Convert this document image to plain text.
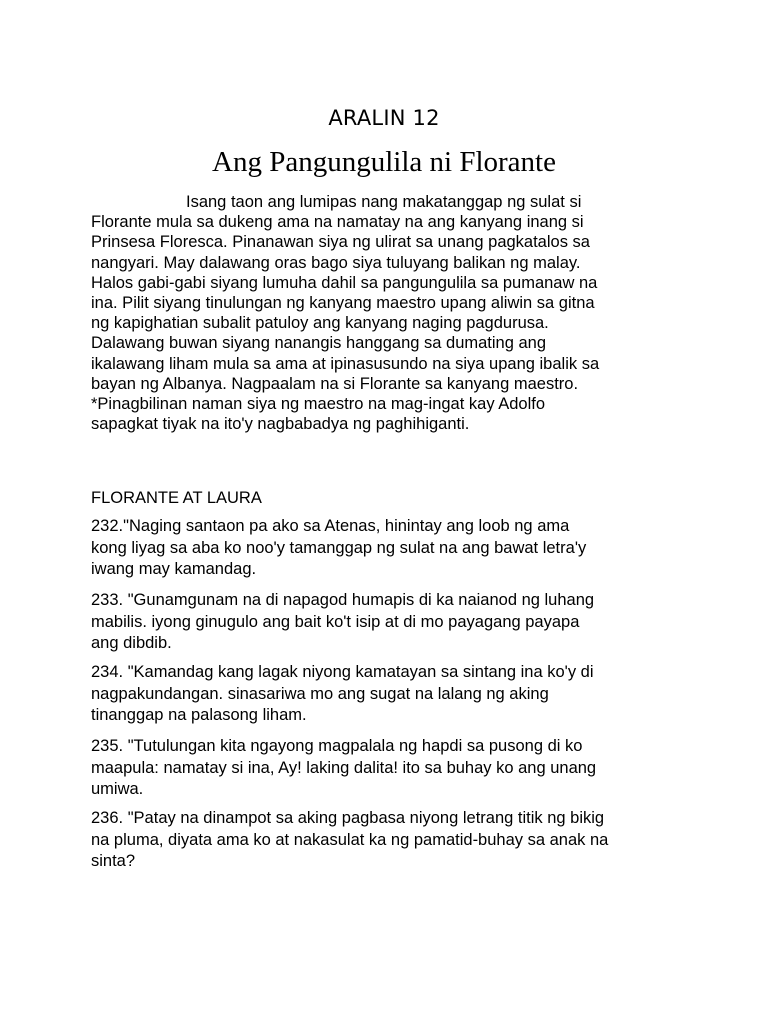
ARALIN 12
Ang Pangungulila ni Florante
Isang taon ang lumipas nang makatanggap ng sulat si
Florante mula sa dukeng ama na namatay na ang kanyang inang si
Prinsesa Floresca. Pinanawan siya ng ulirat sa unang pagkatalos sa
nangyari. May dalawang oras bago siya tuluyang balikan ng malay.
Halos gabi-gabi siyang lumuha dahil sa pangungulila sa pumanaw na
ina. Pilit siyang tinulungan ng kanyang maestro upang aliwin sa gitna
ng kapighatian subalit patuloy ang kanyang naging pagdurusa.
Dalawang buwan siyang nanangis hanggang sa dumating ang
ikalawang liham mula sa ama at ipinasusundo na siya upang ibalik sa
bayan ng Albanya. Nagpaalam na si Florante sa kanyang maestro.
*Pinagbilinan naman siya ng maestro na mag-ingat kay Adolfo
sapagkat tiyak na ito'y nagbabadya ng paghihiganti.
FLORANTE AT LAURA
232."Naging santaon pa ako sa Atenas, hinintay ang loob ng ama
kong liyag sa aba ko noo'y tamanggap ng sulat na ang bawat letra'y
iwang may kamandag.
233. "Gunamgunam na di napagod humapis di ka naianod ng luhang
mabilis. iyong ginugulo ang bait ko't isip at di mo payagang payapa
ang dibdib.
234. "Kamandag kang lagak niyong kamatayan sa sintang ina ko'y di
nagpakundangan. sinasariwa mo ang sugat na lalang ng aking
tinanggap na palasong liham.
235. "Tutulungan kita ngayong magpalala ng hapdi sa pusong di ko
maapula: namatay si ina, Ay! laking dalita! ito sa buhay ko ang unang
umiwa.
236. "Patay na dinampot sa aking pagbasa niyong letrang titik ng bikig
na pluma, diyata ama ko at nakasulat ka ng pamatid-buhay sa anak na
sinta?
